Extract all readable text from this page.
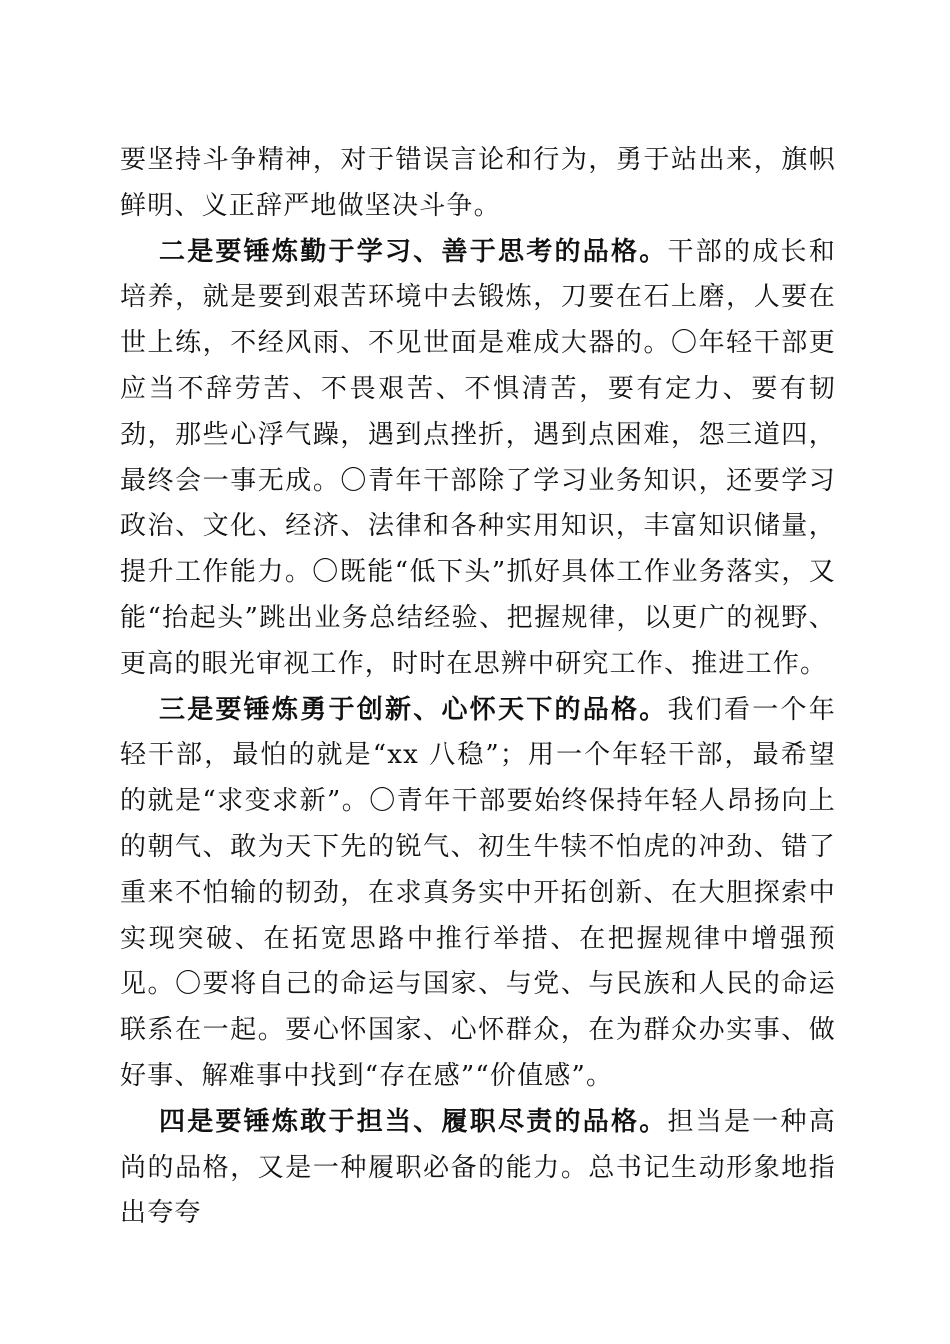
要坚持斗争精神，对于错误言论和行为，勇于站出来，旗帜鲜明、义正辞严地做坚决斗争。

二是要锤炼勤于学习、善于思考的品格。干部的成长和培养，就是要到艰苦环境中去锻炼，刀要在石上磨，人要在世上练，不经风雨、不见世面是难成大器的。〇年轻干部更应当不辞劳苦、不畏艰苦、不惧清苦，要有定力、要有韧劲，那些心浮气躁，遇到点挫折，遇到点困难，怨三道四，最终会一事无成。〇青年干部除了学习业务知识，还要学习政治、文化、经济、法律和各种实用知识，丰富知识储量，提升工作能力。〇既能“低下头”抓好具体工作业务落实，又能“抬起头”跳出业务总结经验、把握规律，以更广的视野、更高的眼光审视工作，时时在思辨中研究工作、推进工作。

三是要锤炼勇于创新、心怀天下的品格。我们看一个年轻干部，最怕的就是“xx 八稳”；用一个年轻干部，最希望的就是“求变求新”。〇青年干部要始终保持年轻人昂扬向上的朝气、敢为天下先的锐气、初生牛犊不怕虎的冲劲、错了重来不怕输的韧劲，在求真务实中开拓创新、在大胆探索中实现突破、在拓宽思路中推行举措、在把握规律中增强预见。〇要将自己的命运与国家、与党、与民族和人民的命运联系在一起。要心怀国家、心怀群众，在为群众办实事、做好事、解难事中找到“存在感”“价值感”。

四是要锤炼敢于担当、履职尽责的品格。担当是一种高尚的品格，又是一种履职必备的能力。总书记生动形象地指出夸夸
